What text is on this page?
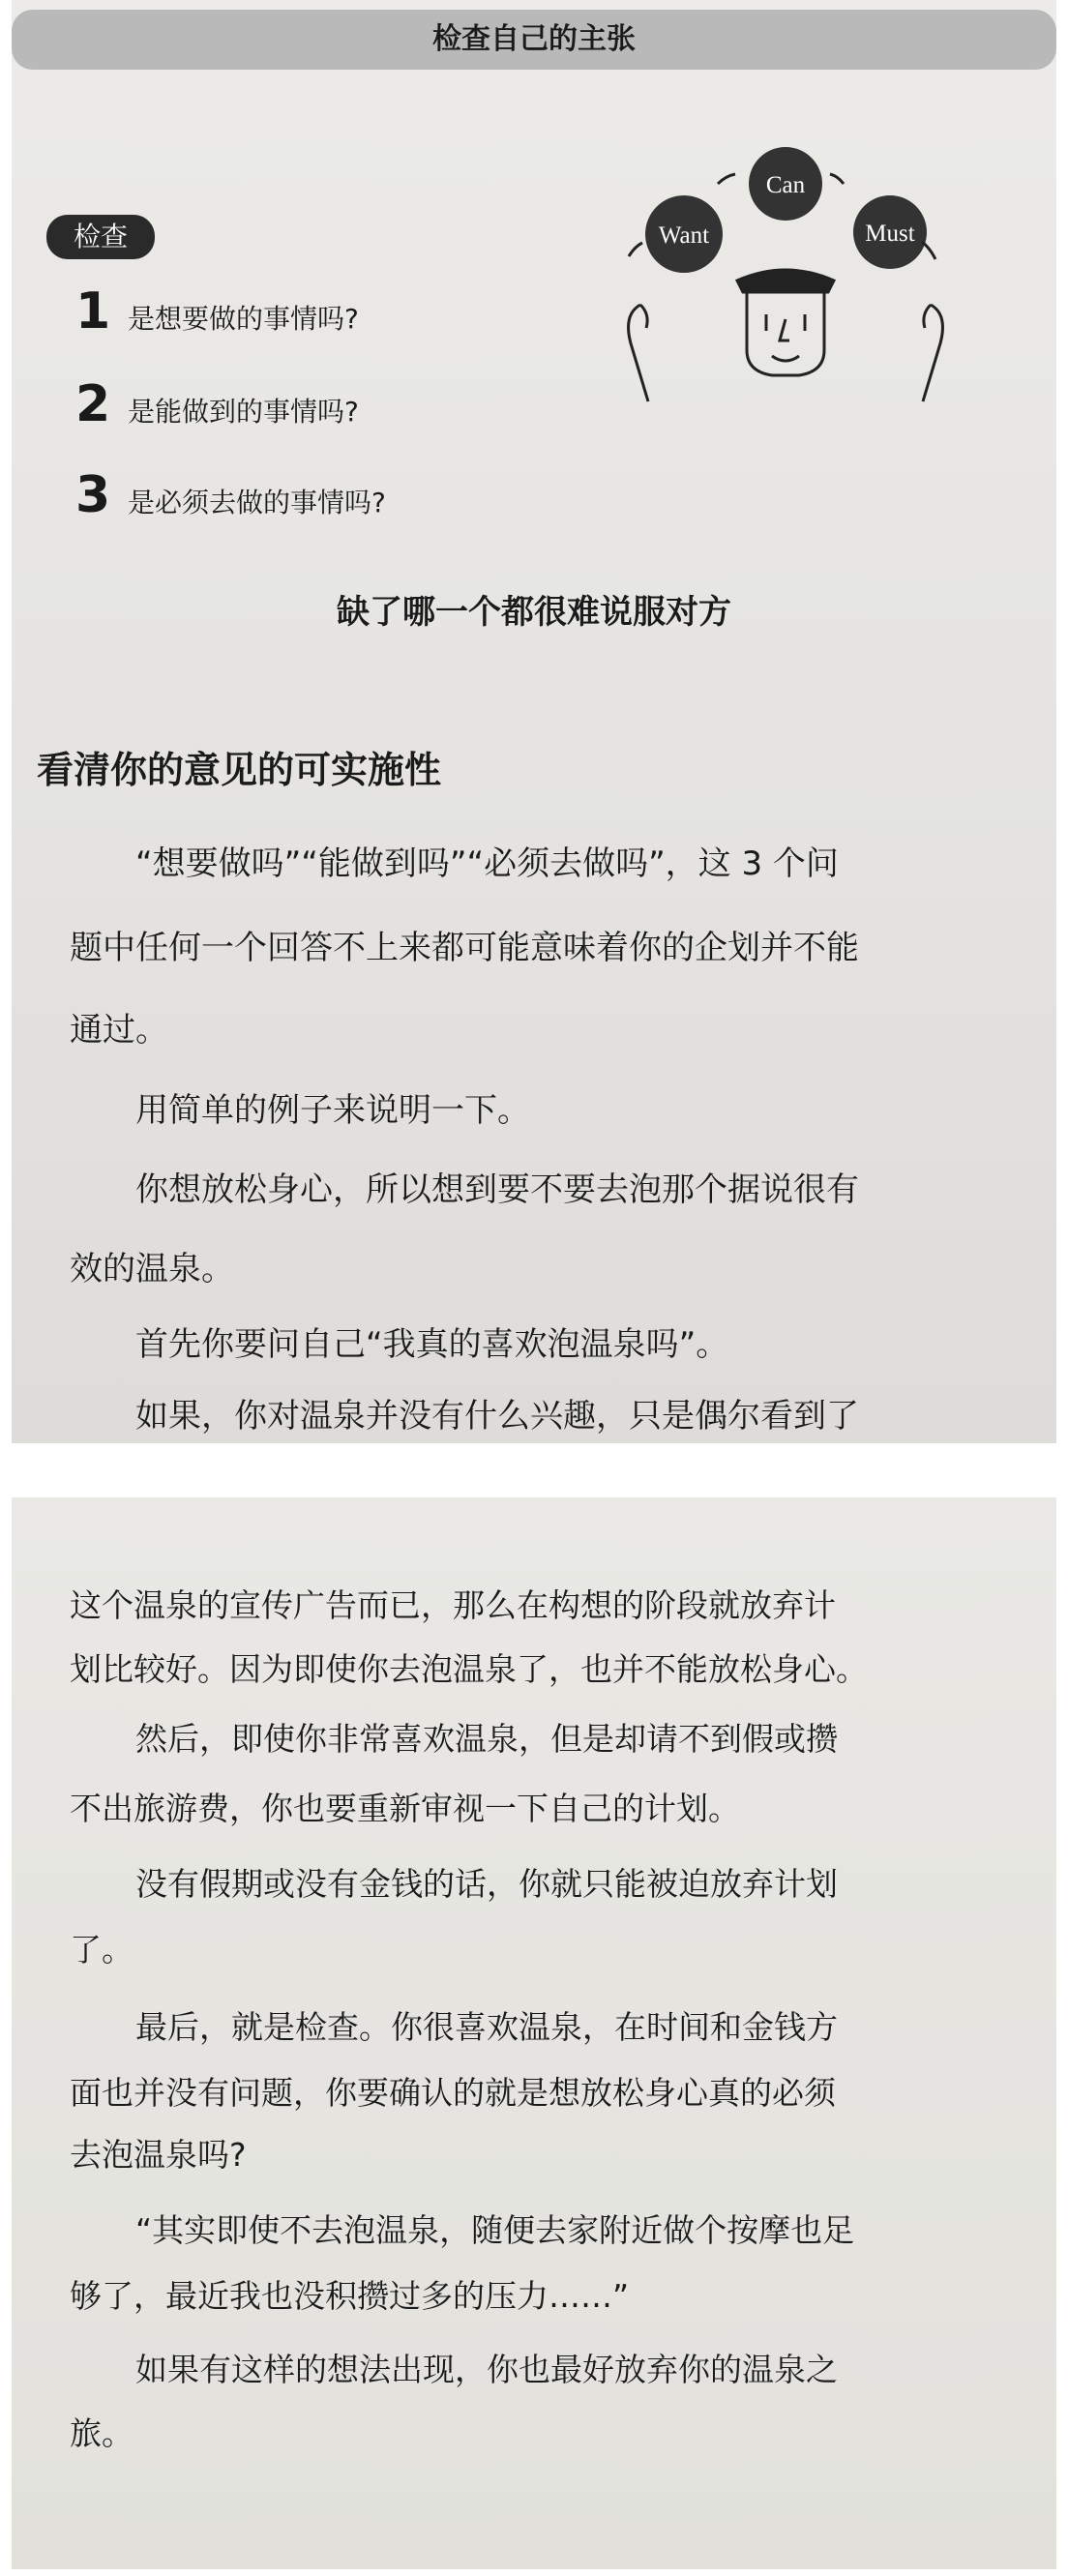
检查自己的主张
检查
1 是想要做的事情吗?
2 是能做到的事情吗?
3 是必须去做的事情吗?
Want
Can
Must
缺了哪一个都很难说服对方
看清你的意见的可实施性
“想要做吗”“能做到吗”“必须去做吗”，这 3 个问
题中任何一个回答不上来都可能意味着你的企划并不能
通过。
用简单的例子来说明一下。
你想放松身心，所以想到要不要去泡那个据说很有
效的温泉。
首先你要问自己“我真的喜欢泡温泉吗”。
如果，你对温泉并没有什么兴趣，只是偶尔看到了
这个温泉的宣传广告而已，那么在构想的阶段就放弃计
划比较好。因为即使你去泡温泉了，也并不能放松身心。
然后，即使你非常喜欢温泉，但是却请不到假或攒
不出旅游费，你也要重新审视一下自己的计划。
没有假期或没有金钱的话，你就只能被迫放弃计划
了。
最后，就是检查。你很喜欢温泉，在时间和金钱方
面也并没有问题，你要确认的就是想放松身心真的必须
去泡温泉吗?
“其实即使不去泡温泉，随便去家附近做个按摩也足
够了，最近我也没积攒过多的压力……”
如果有这样的想法出现，你也最好放弃你的温泉之
旅。
